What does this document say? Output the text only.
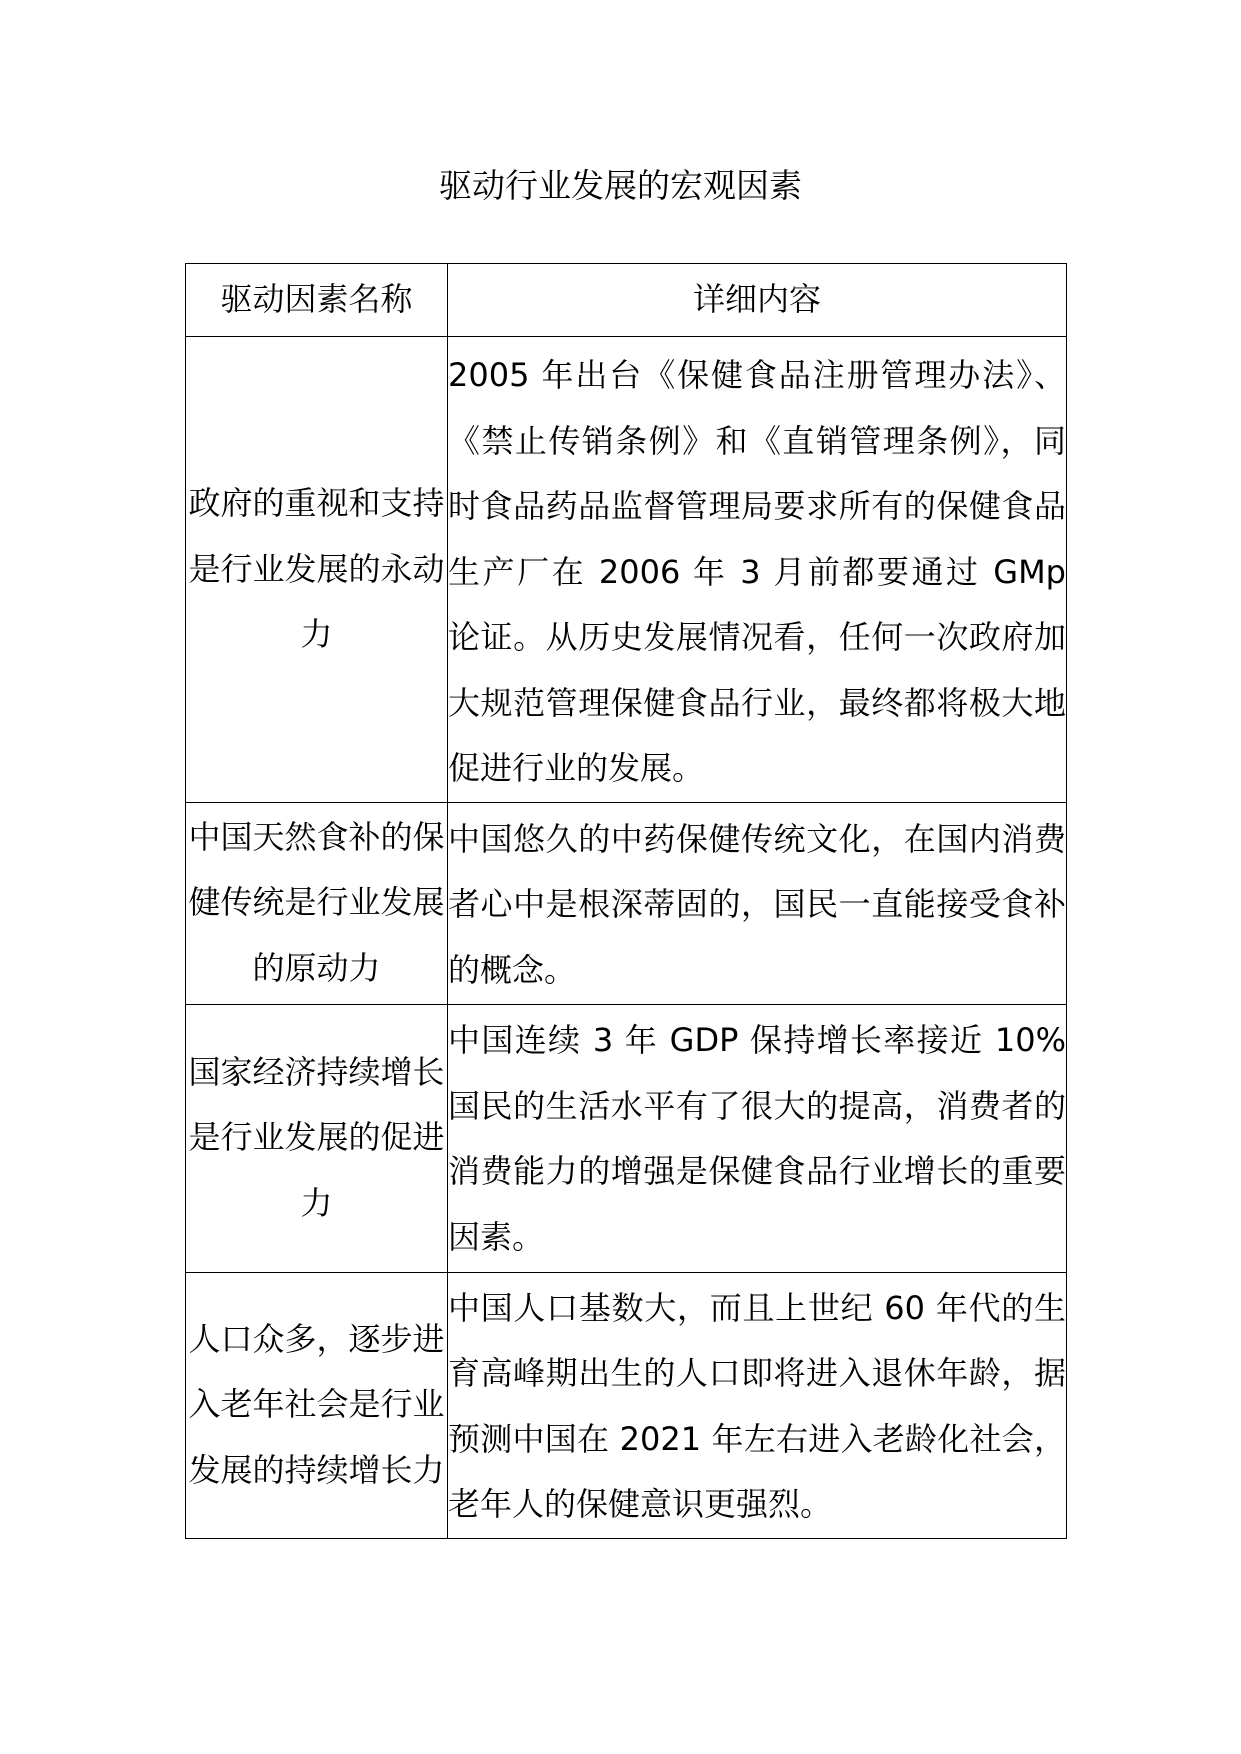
驱动行业发展的宏观因素
驱动因素名称	详细内容
政府的重视和支持是行业发展的永动力	2005 年出台《保健食品注册管理办法》、《禁止传销条例》和《直销管理条例》，同时食品药品监督管理局要求所有的保健食品生产厂在 2006 年 3 月前都要通过 GMp 论证。从历史发展情况看，任何一次政府加大规范管理保健食品行业，最终都将极大地促进行业的发展。
中国天然食补的保健传统是行业发展的原动力	中国悠久的中药保健传统文化，在国内消费者心中是根深蒂固的，国民一直能接受食补的概念。
国家经济持续增长是行业发展的促进力	中国连续 3 年 GDP 保持增长率接近 10%国民的生活水平有了很大的提高，消费者的消费能力的增强是保健食品行业增长的重要因素。
人口众多，逐步进入老年社会是行业发展的持续增长力	中国人口基数大，而且上世纪 60 年代的生育高峰期出生的人口即将进入退休年龄，据预测中国在 2021 年左右进入老龄化社会，老年人的保健意识更强烈。
